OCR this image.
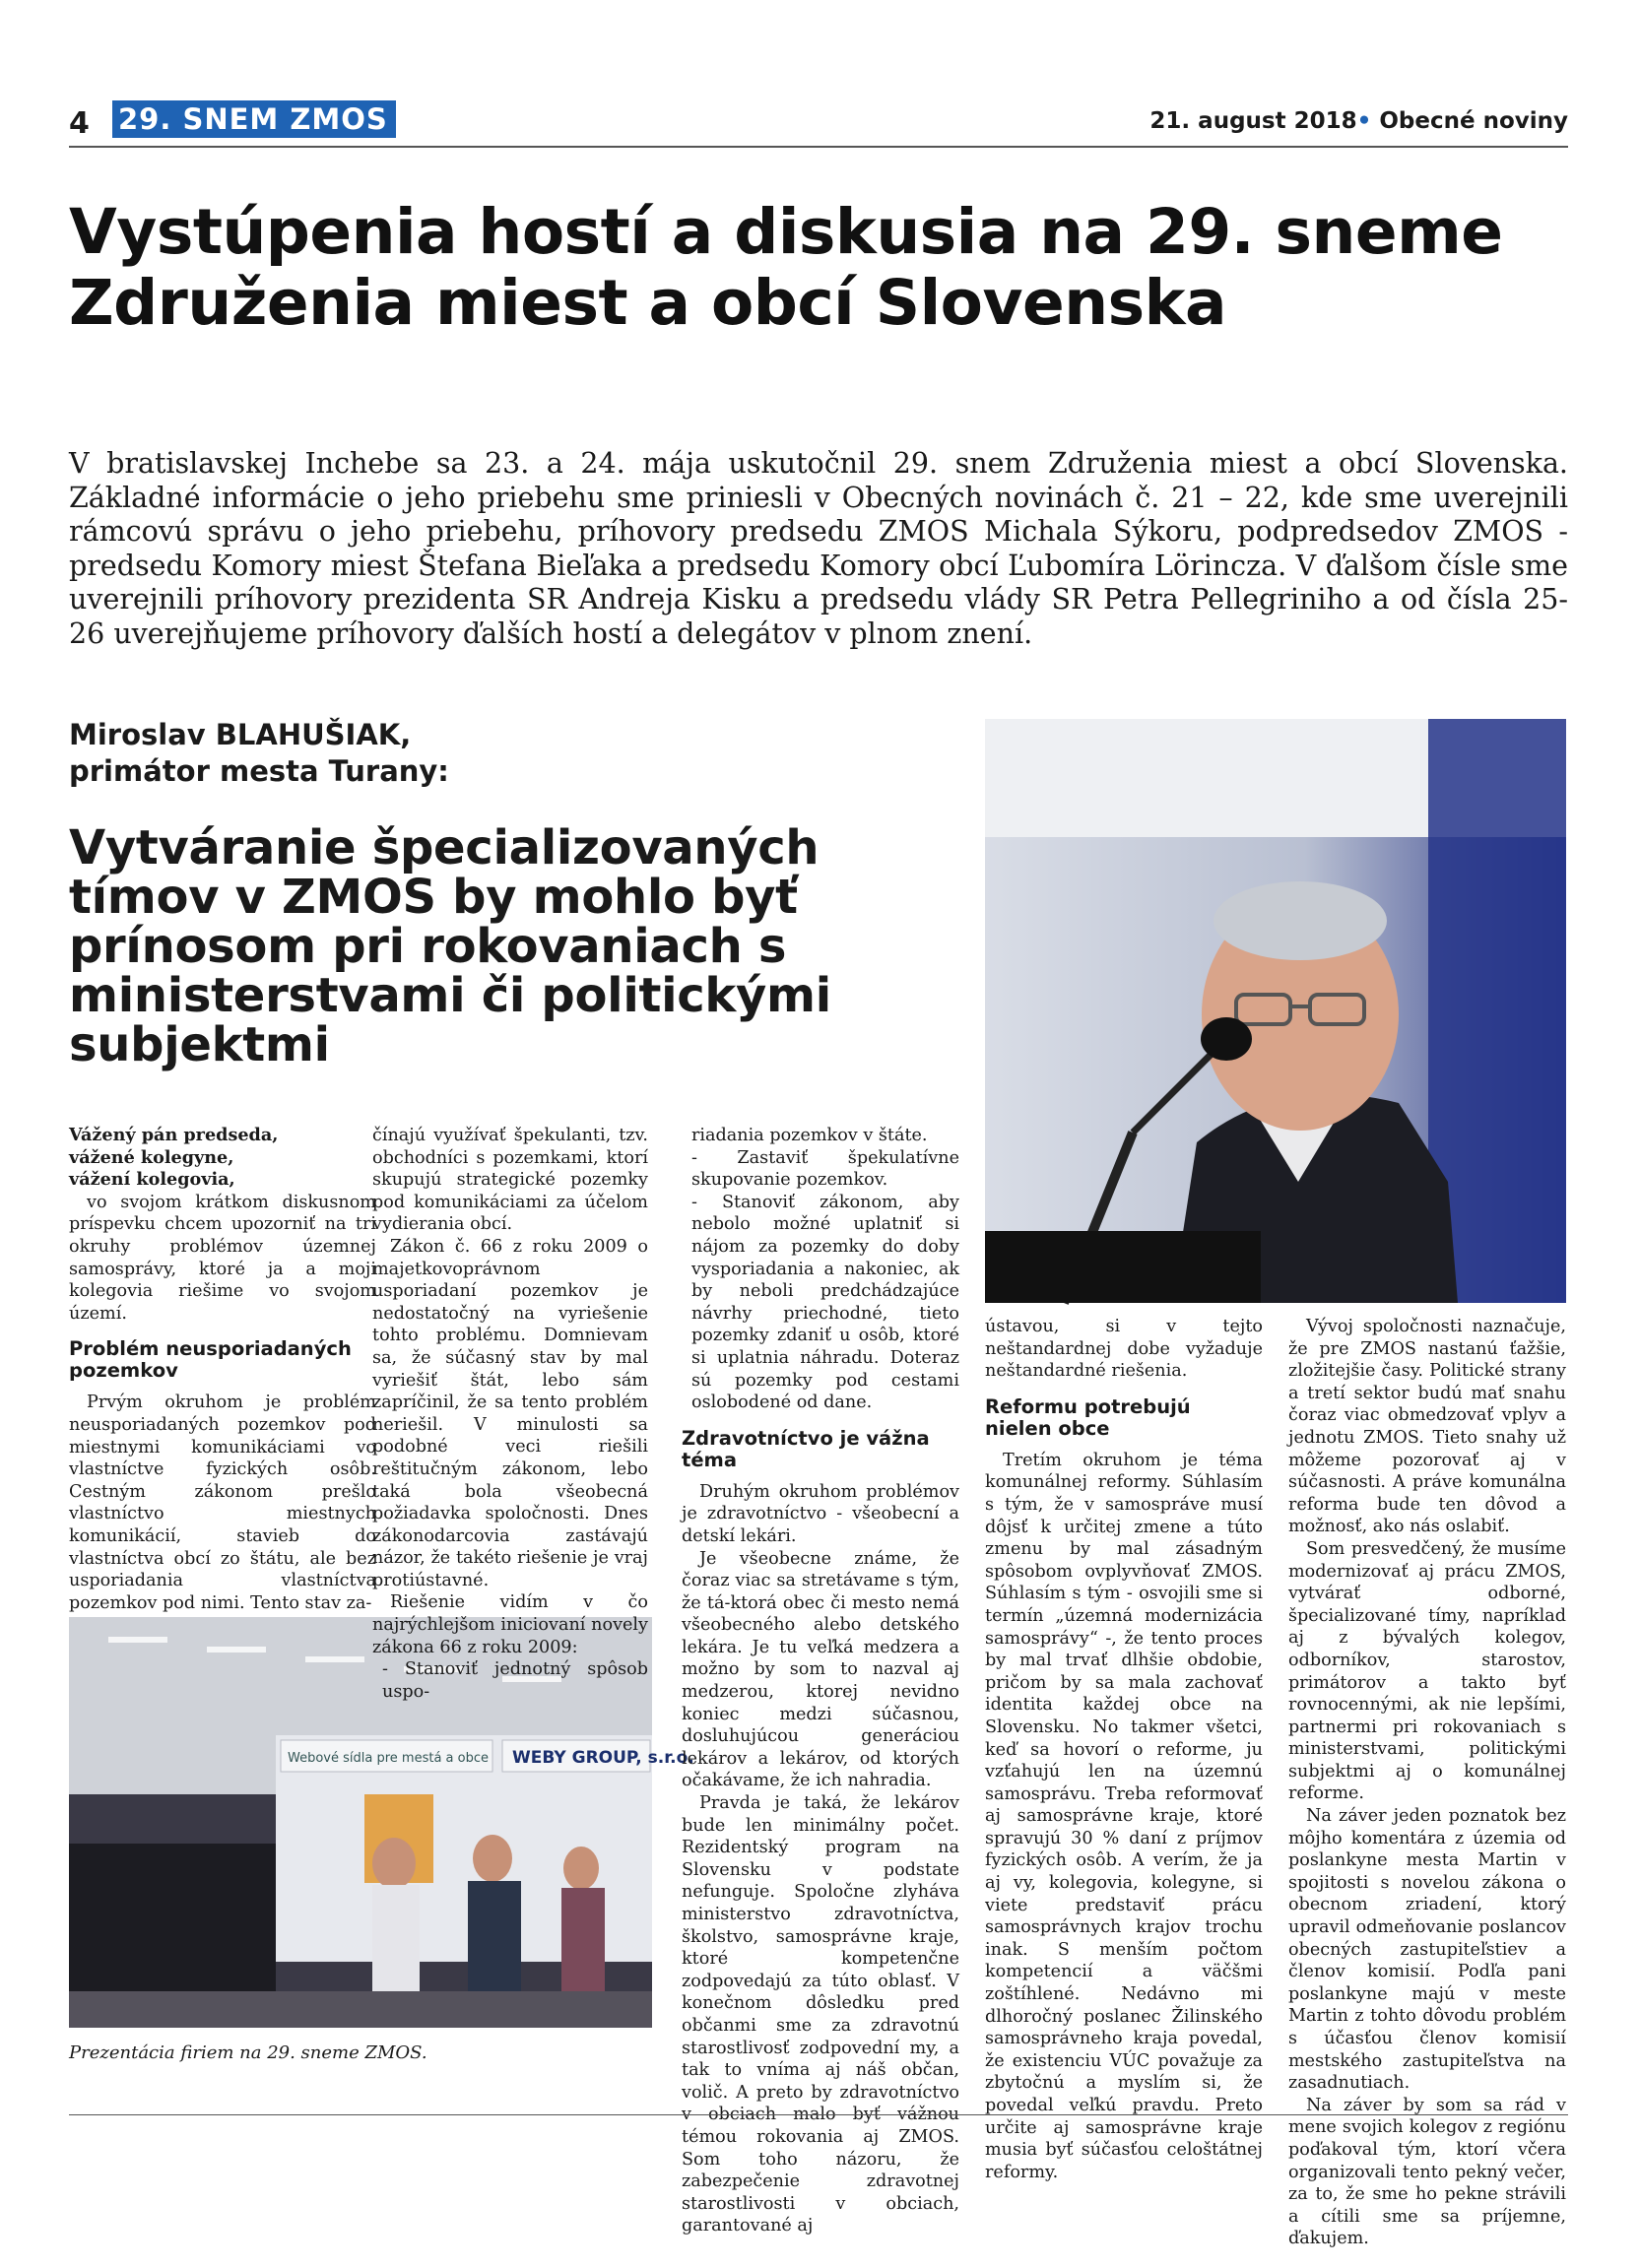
4 29. SNEM ZMOS	21. august 2018• Obecné noviny
Vystúpenia hostí a diskusia na 29. sneme Združenia miest a obcí Slovenska
V bratislavskej Inchebe sa 23. a 24. mája uskutočnil 29. snem Združenia miest a obcí Slovenska. Základné informácie o jeho priebehu sme priniesli v Obecných novinách č. 21 – 22, kde sme uverejnili rámcovú správu o jeho priebehu, príhovory predsedu ZMOS Michala Sýkoru, podpredsedov ZMOS - predsedu Komory miest Štefana Bieľaka a predsedu Komory obcí Ľubomíra Lörincza. V ďalšom čísle sme uverejnili príhovory prezidenta SR Andreja Kisku a predsedu vlády SR Petra Pellegriniho a od čísla 25-26 uverejňujeme príhovory ďalších hostí a delegátov v plnom znení.
Miroslav BLAHUŠIAK,
primátor mesta Turany:
Vytváranie špecializovaných tímov v ZMOS by mohlo byť prínosom pri rokovaniach s ministerstvami či politickými subjektmi
Webové sídla pre mestá a obce WEBY GROUP, s.r.o.
Prezentácia firiem na 29. sneme ZMOS.

Vážený pán predseda,

vážené kolegyne,

vážení kolegovia,

vo svojom krátkom diskusnom príspevku chcem upozorniť na tri okruhy problémov územnej samosprávy, ktoré ja a moji kolegovia riešime vo svojom území.

Problém neusporiadaných pozemkov

Prvým okruhom je problém neusporiadaných pozemkov pod miestnymi komunikáciami vo vlastníctve fyzických osôb. Cestným zákonom prešlo vlastníctvo miestnych komunikácií, stavieb do vlastníctva obcí zo štátu, ale bez usporiadania vlastníctva pozemkov pod nimi. Tento stav za-

čínajú využívať špekulanti, tzv. obchodníci s pozemkami, ktorí skupujú strategické pozemky pod komunikáciami za účelom vydierania obcí.

Zákon č. 66 z roku 2009 o majetkovoprávnom usporiadaní pozemkov je nedostatočný na vyriešenie tohto problému. Domnievam sa, že súčasný stav by mal vyriešiť štát, lebo sám zapríčinil, že sa tento problém neriešil. V minulosti sa podobné veci riešili reštitučným zákonom, lebo taká bola všeobecná požiadavka spoločnosti. Dnes zákonodarcovia zastávajú názor, že takéto riešenie je vraj protiústavné.

Riešenie vidím v čo najrýchlejšom iniciovaní novely zákona 66 z roku 2009:

- Stanoviť jednotný spôsob uspo-

riadania pozemkov v štáte.

- Zastaviť špekulatívne skupovanie pozemkov.

- Stanoviť zákonom, aby nebolo možné uplatniť si nájom za pozemky do doby vysporiadania a nakoniec, ak by neboli predchádzajúce návrhy priechodné, tieto pozemky zdaniť u osôb, ktoré si uplatnia náhradu. Doteraz sú pozemky pod cestami oslobodené od dane.

Zdravotníctvo je vážna téma

Druhým okruhom problémov je zdravotníctvo - všeobecní a detskí lekári.

Je všeobecne známe, že čoraz viac sa stretávame s tým, že tá-ktorá obec či mesto nemá všeobecného alebo detského lekára. Je tu veľká medzera a možno by som to nazval aj medzerou, ktorej nevidno koniec medzi súčasnou, dosluhujúcou generáciou lekárov a lekárov, od ktorých očakávame, že ich nahradia.

Pravda je taká, že lekárov bude len minimálny počet. Rezidentský program na Slovensku v podstate nefunguje. Spoločne zlyháva ministerstvo zdravotníctva, školstvo, samosprávne kraje, ktoré kompetenčne zodpovedajú za túto oblasť. V konečnom dôsledku pred občanmi sme za zdravotnú starostlivosť zodpovední my, a tak to vníma aj náš občan, volič. A preto by zdravotníctvo v obciach malo byť vážnou témou rokovania aj ZMOS. Som toho názoru, že zabezpečenie zdravotnej starostlivosti v obciach, garantované aj

ústavou, si v tejto neštandardnej dobe vyžaduje neštandardné riešenia.

Reformu potrebujú nielen obce

Tretím okruhom je téma komunálnej reformy. Súhlasím s tým, že v samospráve musí dôjsť k určitej zmene a túto zmenu by mal zásadným spôsobom ovplyvňovať ZMOS. Súhlasím s tým - osvojili sme si termín „územná modernizácia samosprávy“ -, že tento proces by mal trvať dlhšie obdobie, pričom by sa mala zachovať identita každej obce na Slovensku. No takmer všetci, keď sa hovorí o reforme, ju vzťahujú len na územnú samosprávu. Treba reformovať aj samosprávne kraje, ktoré spravujú 30 % daní z príjmov fyzických osôb. A verím, že ja aj vy, kolegovia, kolegyne, si viete predstaviť prácu samosprávnych krajov trochu inak. S menším počtom kompetencií a väčšmi zoštíhlené. Nedávno mi dlhoročný poslanec Žilinského samosprávneho kraja povedal, že existenciu VÚC považuje za zbytočnú a myslím si, že povedal veľkú pravdu. Preto určite aj samosprávne kraje musia byť súčasťou celoštátnej reformy.

Vývoj spoločnosti naznačuje, že pre ZMOS nastanú ťažšie, zložitejšie časy. Politické strany a tretí sektor budú mať snahu čoraz viac obmedzovať vplyv a jednotu ZMOS. Tieto snahy už môžeme pozorovať aj v súčasnosti. A práve komunálna reforma bude ten dôvod a možnosť, ako nás oslabiť.

Som presvedčený, že musíme modernizovať aj prácu ZMOS, vytvárať odborné, špecializované tímy, napríklad aj z bývalých kolegov, odborníkov, starostov, primátorov a takto byť rovnocennými, ak nie lepšími, partnermi pri rokovaniach s ministerstvami, politickými subjektmi aj o komunálnej reforme.

Na záver jeden poznatok bez môjho komentára z územia od poslankyne mesta Martin v spojitosti s novelou zákona o obecnom zriadení, ktorý upravil odmeňovanie poslancov obecných zastupiteľstiev a členov komisií. Podľa pani poslankyne majú v meste Martin z tohto dôvodu problém s účasťou členov komisií mestského zastupiteľstva na zasadnutiach.

Na záver by som sa rád v mene svojich kolegov z regiónu poďakoval tým, ktorí včera organizovali tento pekný večer, za to, že sme ho pekne strávili a cítili sme sa príjemne, ďakujem.
